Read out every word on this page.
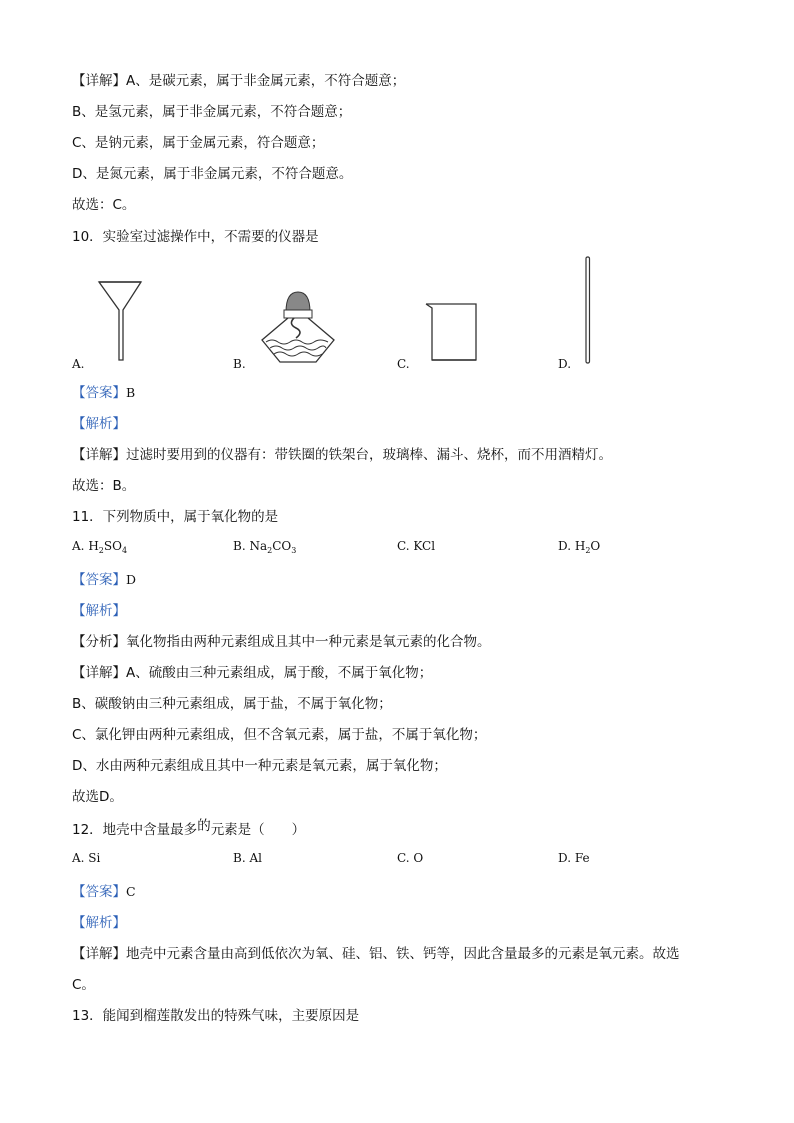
【详解】A、是碳元素，属于非金属元素，不符合题意；
B、是氢元素，属于非金属元素，不符合题意；
C、是钠元素，属于金属元素，符合题意；
D、是氮元素，属于非金属元素，不符合题意。
故选：C。
10．实验室过滤操作中，不需要的仪器是
A.	B.	C.	D.
【答案】B
【解析】
【详解】过滤时要用到的仪器有：带铁圈的铁架台，玻璃棒、漏斗、烧杯，而不用酒精灯。
故选：B。
11．下列物质中，属于氧化物的是
A. $H_2SO_4$	B. $Na_2CO_3$	C. KCl	D. $H_2O$
【答案】D
【解析】
【分析】氧化物指由两种元素组成且其中一种元素是氧元素的化合物。
【详解】A、硫酸由三种元素组成，属于酸，不属于氧化物；
B、碳酸钠由三种元素组成，属于盐，不属于氧化物；
C、氯化钾由两种元素组成，但不含氧元素，属于盐，不属于氧化物；
D、水由两种元素组成且其中一种元素是氧元素，属于氧化物；
故选D。
12．地壳中含量最多的元素是（　　）
A. Si	B. Al	C. O	D. Fe
【答案】C
【解析】
【详解】地壳中元素含量由高到低依次为氧、硅、铝、铁、钙等，因此含量最多的元素是氧元素。故选
C。
13．能闻到榴莲散发出的特殊气味，主要原因是
